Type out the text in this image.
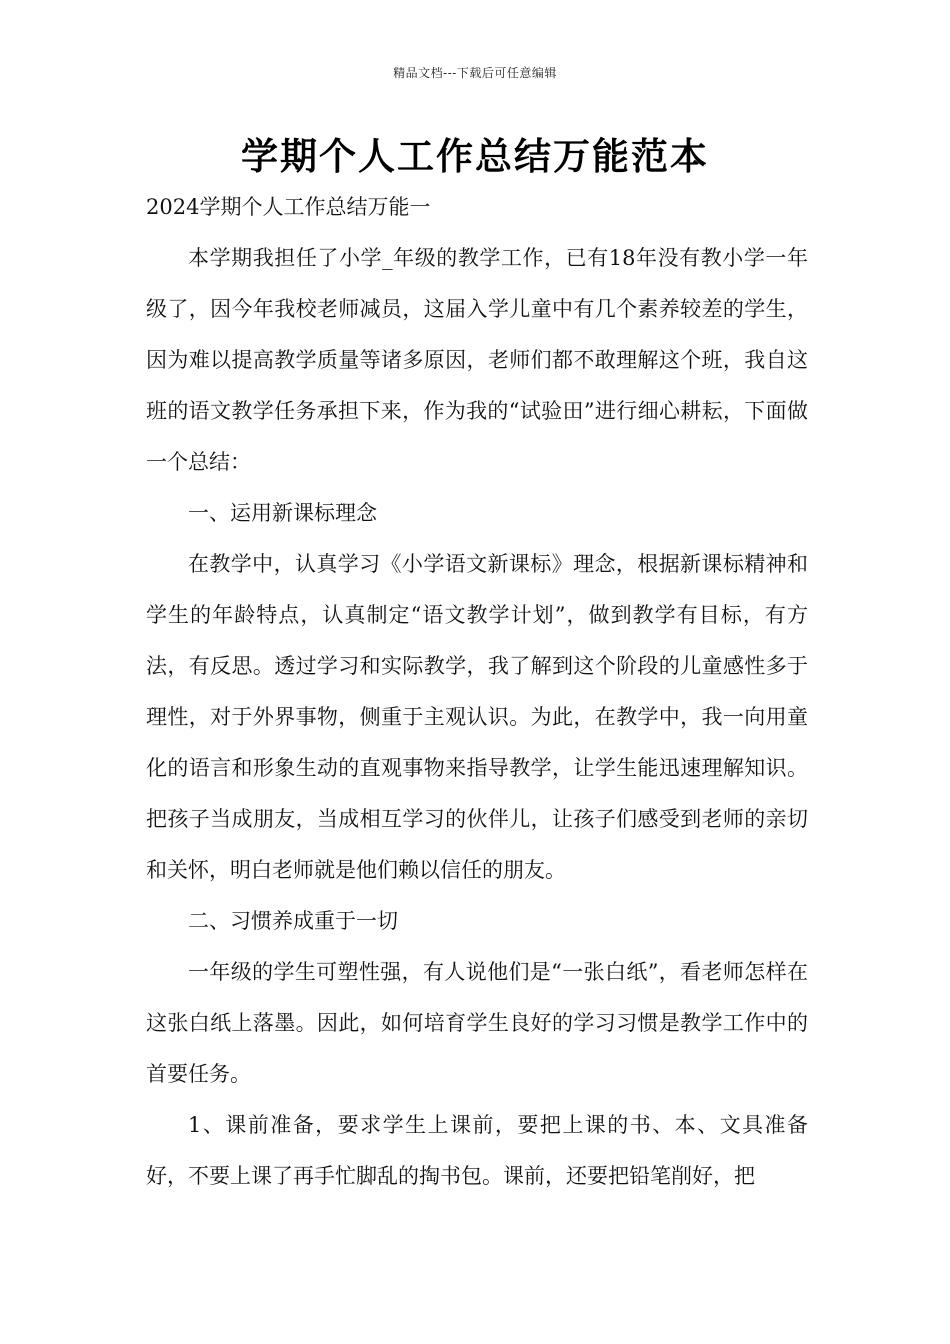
精品文档---下载后可任意编辑
学期个人工作总结万能范本

2024学期个人工作总结万能一

本学期我担任了小学_年级的教学工作，已有18年没有教小学一年级了，因今年我校老师减员，这届入学儿童中有几个素养较差的学生，因为难以提高教学质量等诸多原因，老师们都不敢理解这个班，我自这班的语文教学任务承担下来，作为我的“试验田”进行细心耕耘，下面做一个总结：

一、运用新课标理念

在教学中，认真学习《小学语文新课标》理念，根据新课标精神和学生的年龄特点，认真制定“语文教学计划”，做到教学有目标，有方法，有反思。透过学习和实际教学，我了解到这个阶段的儿童感性多于理性，对于外界事物，侧重于主观认识。为此，在教学中，我一向用童化的语言和形象生动的直观事物来指导教学，让学生能迅速理解知识。把孩子当成朋友，当成相互学习的伙伴儿，让孩子们感受到老师的亲切和关怀，明白老师就是他们赖以信任的朋友。

二、习惯养成重于一切

一年级的学生可塑性强，有人说他们是“一张白纸”，看老师怎样在这张白纸上落墨。因此，如何培育学生良好的学习习惯是教学工作中的首要任务。

1、课前准备，要求学生上课前，要把上课的书、本、文具准备好，不要上课了再手忙脚乱的掏书包。课前，还要把铅笔削好，把
